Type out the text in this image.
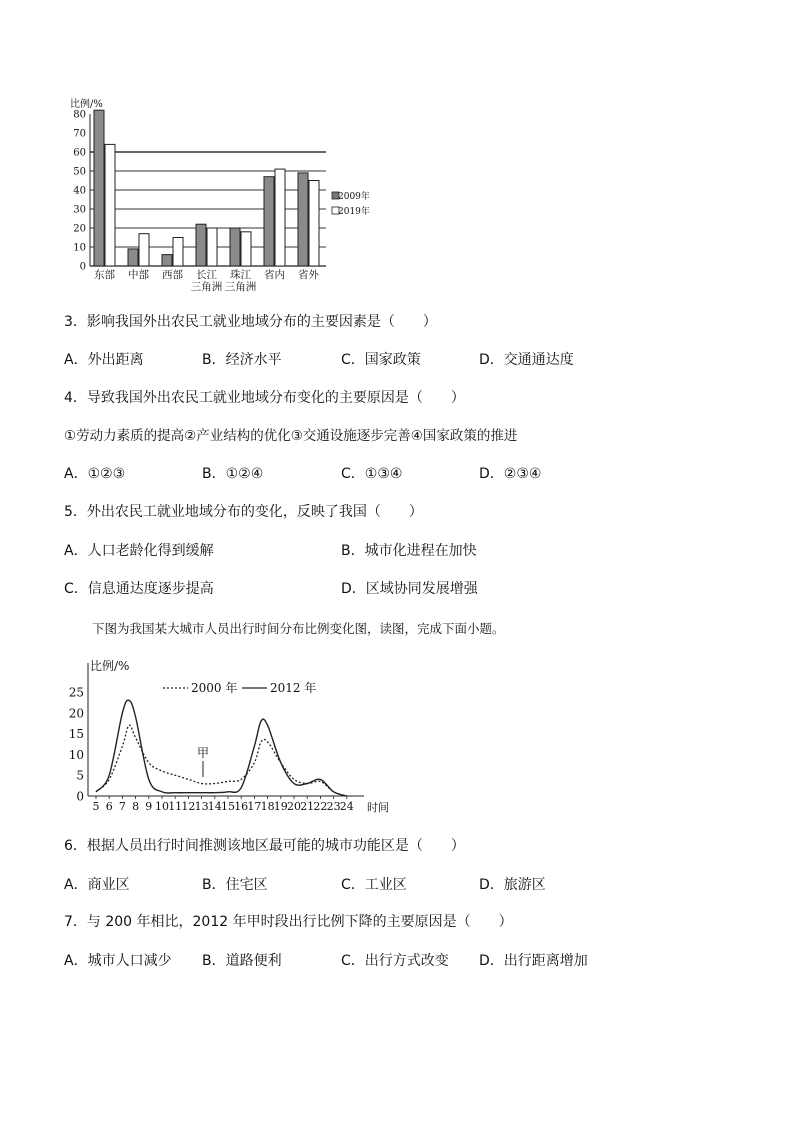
比例/%
80
70
60
50
40
30
20
10
0
东部 中部 西部 长江
三角洲
珠江
三角洲
省内 省外
2009年
2019年
3．影响我国外出农民工就业地域分布的主要因素是（　　）
A．外出距离	B．经济水平	C．国家政策	D．交通通达度
4．导致我国外出农民工就业地域分布变化的主要原因是（　　）
①劳动力素质的提高②产业结构的优化③交通设施逐步完善④国家政策的推进
A．①②③	B．①②④	C．①③④	D．②③④
5．外出农民工就业地域分布的变化，反映了我国（　　）
A．人口老龄化得到缓解	B．城市化进程在加快
C．信息通达度逐步提高	D．区域协同发展增强
下图为我国某大城市人员出行时间分布比例变化图，读图，完成下面小题。
比例/%
25
20
15
10
5
0
5 6 7 8 9 10 11 12 13 14 15 16 17 18 19 20 21 22 23 24
2000 年	2012 年
甲
时间
6．根据人员出行时间推测该地区最可能的城市功能区是（　　）
A．商业区	B．住宅区	C．工业区	D．旅游区
7．与 200 年相比，2012 年甲时段出行比例下降的主要原因是（　　）
A．城市人口减少 B．道路便利	C．出行方式改变 D．出行距离增加
